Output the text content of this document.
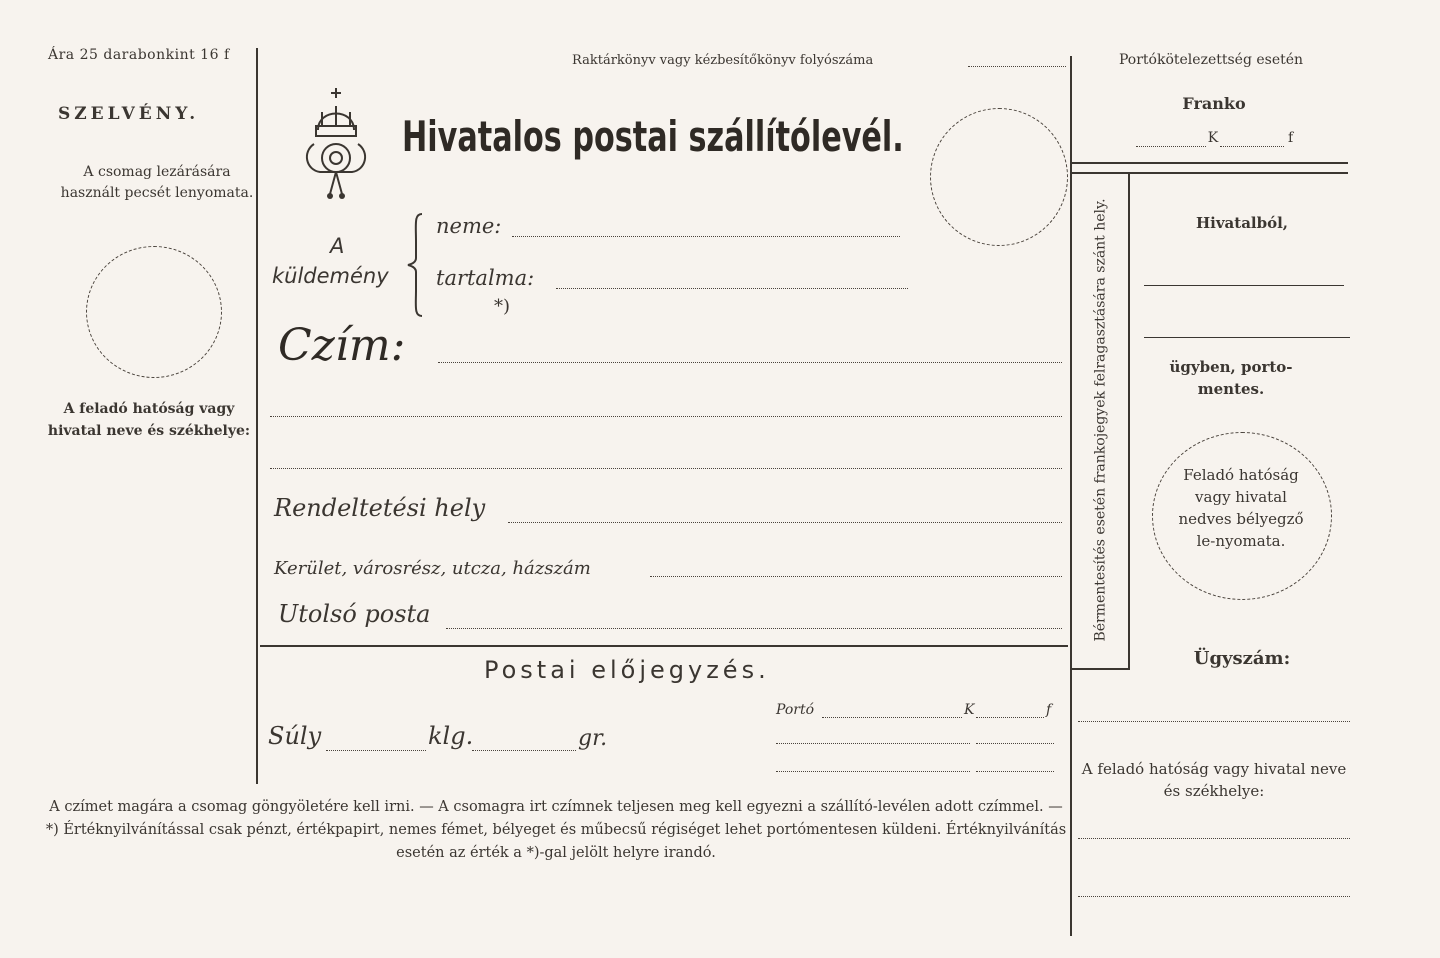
Ára 25 darabonkint 16 f
SZELVÉNY.
A csomag lezárására használt pecsét lenyomata.
A feladó hatóság vagy hivatal neve és székhelye:
Raktárkönyv vagy kézbesítőkönyv folyószáma
Hivatalos postai szállítólevél.
A
küldemény
neme:
tartalma:
*)
Czím:
Rendeltetési hely
Kerület, városrész, utcza, házszám
Utolsó posta
Postai előjegyzés.
Portó	K	f
Súly	klg.	gr.
A czímet magára a csomag göngyöletére kell irni. — A csomagra irt czímnek teljesen meg kell egyezni a szállító-levélen adott czímmel. — *) Értéknyilvánítással csak pénzt, értékpapirt, nemes fémet, bélyeget és műbecsű régiséget lehet portómentesen küldeni. Értéknyilvánítás esetén az érték a *)-gal jelölt helyre irandó.
Portókötelezettség esetén
Franko
K	f
Bérmentesítés esetén frankojegyek felragasztására szánt hely.	Hivatalból,
ügyben, porto-mentes.
Feladó hatóság vagy hivatal nedves bélyegző le-nyomata.
Ügyszám:
A feladó hatóság vagy hivatal neve és székhelye:
